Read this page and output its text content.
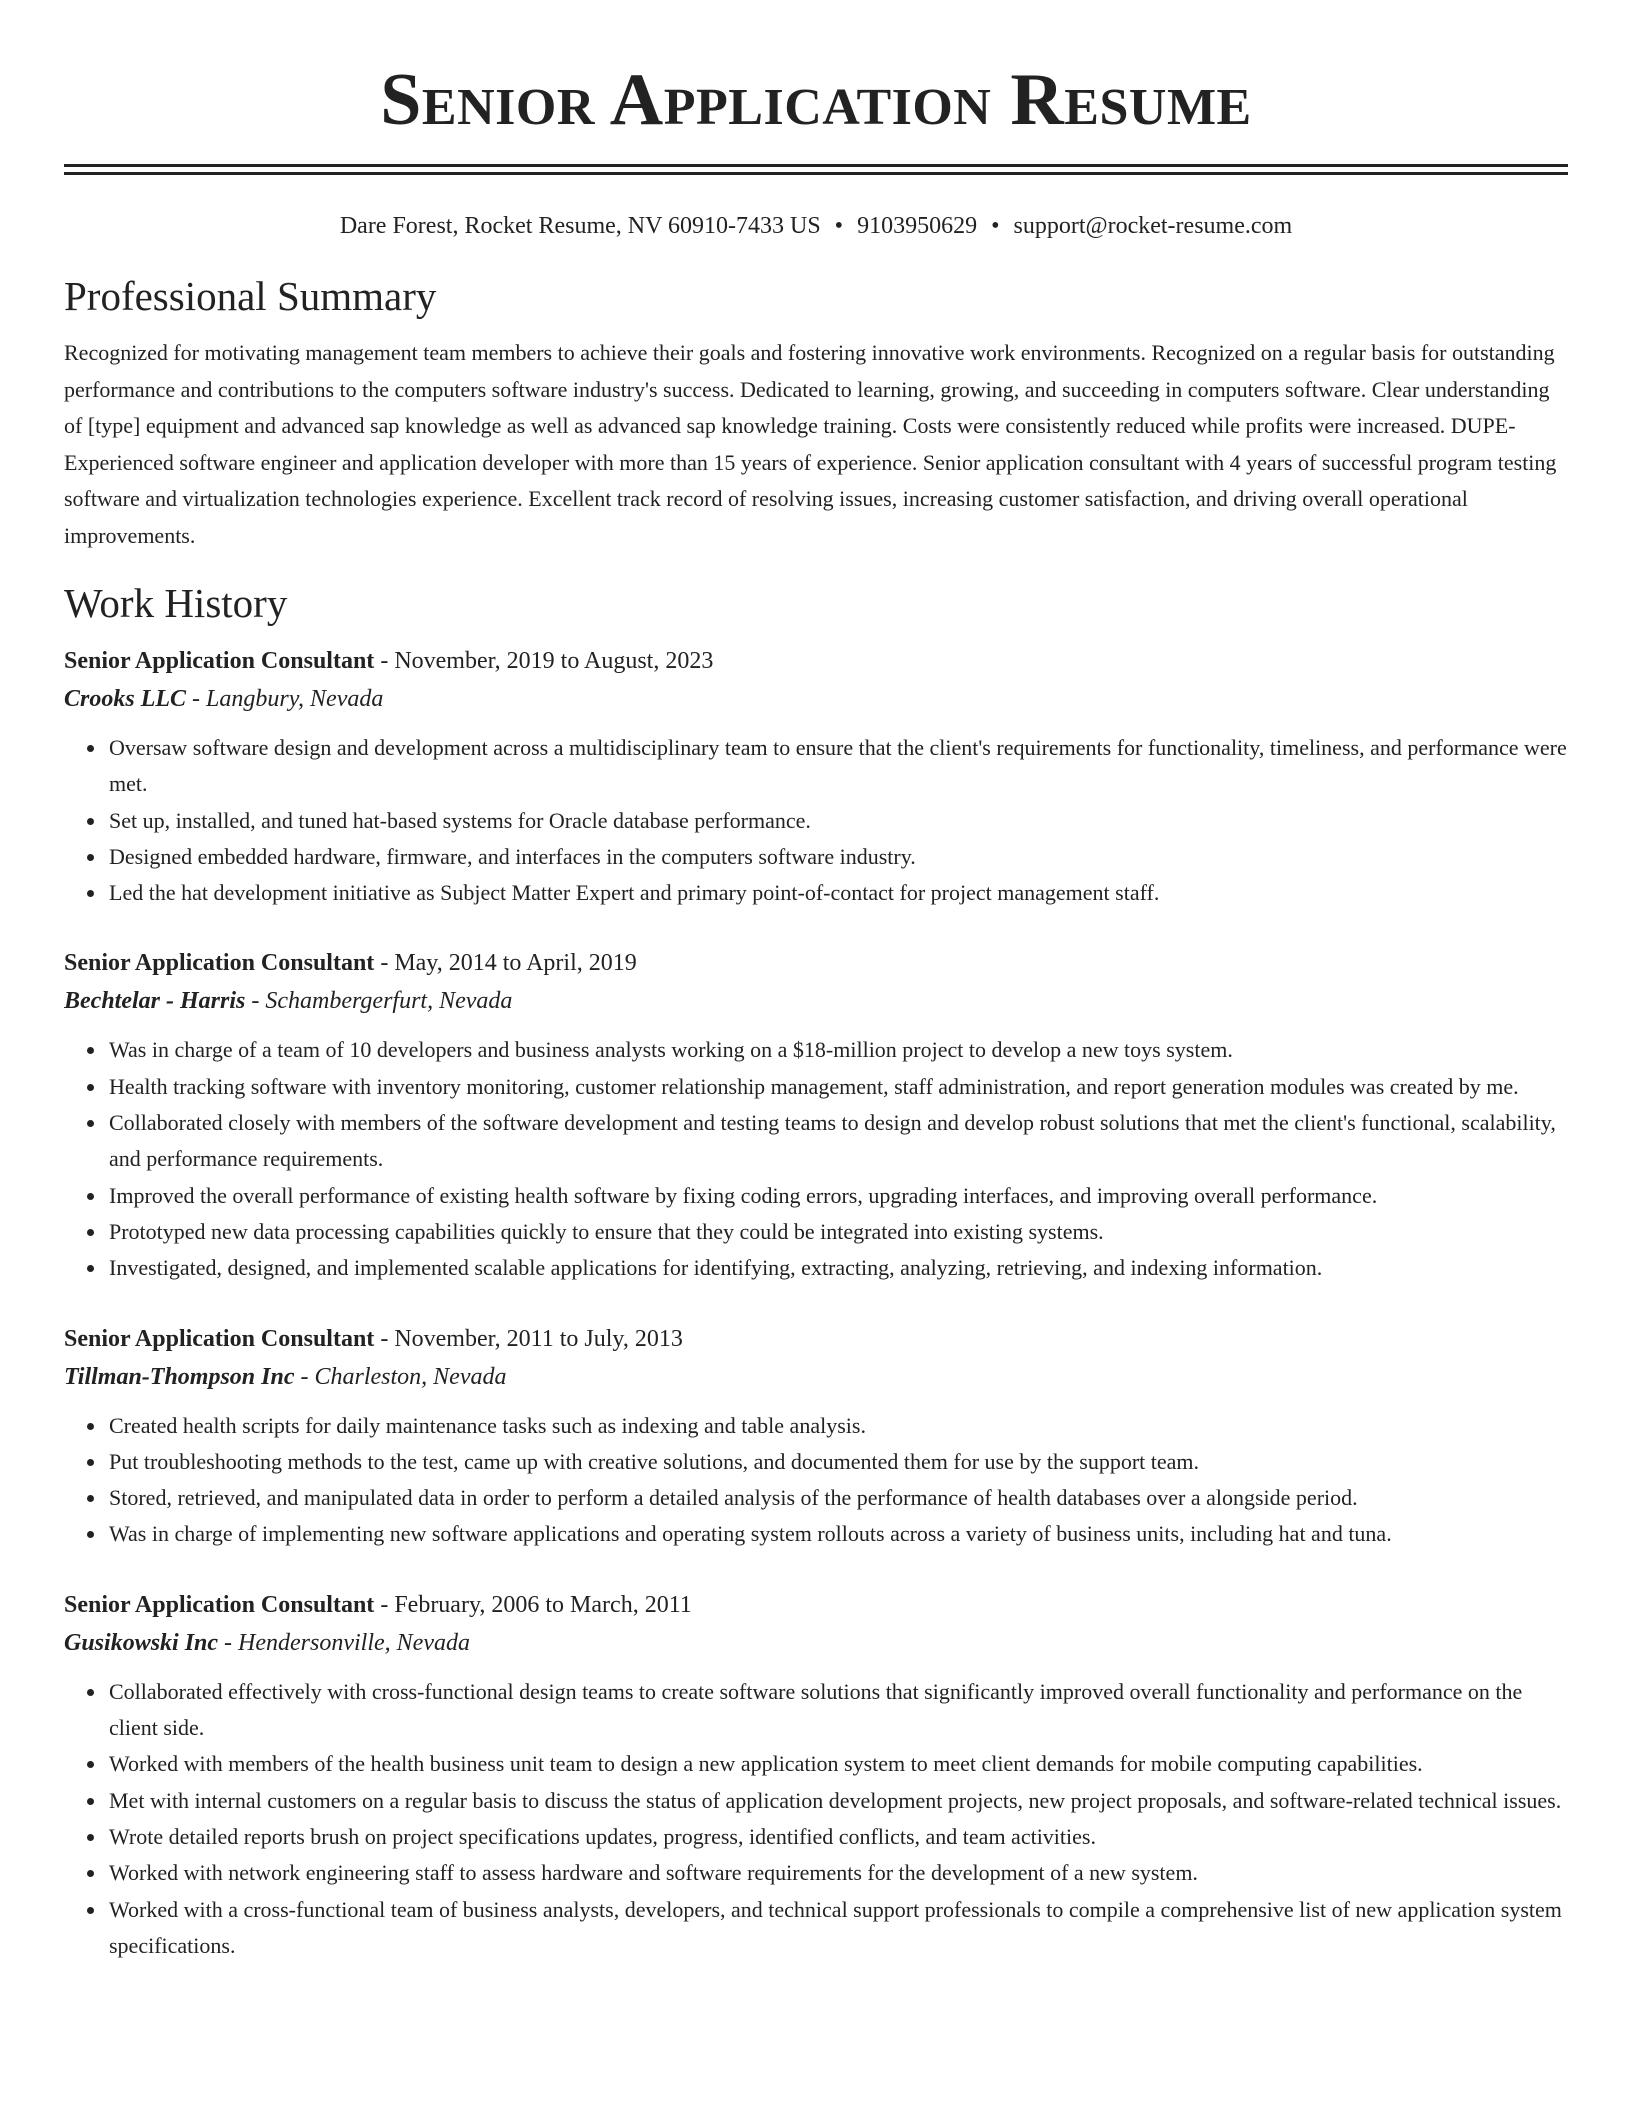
Senior Application Resume
Dare Forest, Rocket Resume, NV 60910-7433 US • 9103950629 • support@rocket-resume.com
Professional Summary

Recognized for motivating management team members to achieve their goals and fostering innovative work environments. Recognized on a regular basis for outstanding performance and contributions to the computers software industry's success. Dedicated to learning, growing, and succeeding in computers software. Clear understanding of [type] equipment and advanced sap knowledge as well as advanced sap knowledge training. Costs were consistently reduced while profits were increased. DUPE- Experienced software engineer and application developer with more than 15 years of experience. Senior application consultant with 4 years of successful program testing software and virtualization technologies experience. Excellent track record of resolving issues, increasing customer satisfaction, and driving overall operational improvements.

Work History
Senior Application Consultant - November, 2019 to August, 2023
Crooks LLC - Langbury, Nevada
• Oversaw software design and development across a multidisciplinary team to ensure that the client's requirements for functionality, timeliness, and performance were met.
• Set up, installed, and tuned hat-based systems for Oracle database performance.
• Designed embedded hardware, firmware, and interfaces in the computers software industry.
• Led the hat development initiative as Subject Matter Expert and primary point-of-contact for project management staff.
Senior Application Consultant - May, 2014 to April, 2019
Bechtelar - Harris - Schambergerfurt, Nevada
• Was in charge of a team of 10 developers and business analysts working on a $18-million project to develop a new toys system.
• Health tracking software with inventory monitoring, customer relationship management, staff administration, and report generation modules was created by me.
• Collaborated closely with members of the software development and testing teams to design and develop robust solutions that met the client's functional, scalability, and performance requirements.
• Improved the overall performance of existing health software by fixing coding errors, upgrading interfaces, and improving overall performance.
• Prototyped new data processing capabilities quickly to ensure that they could be integrated into existing systems.
• Investigated, designed, and implemented scalable applications for identifying, extracting, analyzing, retrieving, and indexing information.
Senior Application Consultant - November, 2011 to July, 2013
Tillman-Thompson Inc - Charleston, Nevada
• Created health scripts for daily maintenance tasks such as indexing and table analysis.
• Put troubleshooting methods to the test, came up with creative solutions, and documented them for use by the support team.
• Stored, retrieved, and manipulated data in order to perform a detailed analysis of the performance of health databases over a alongside period.
• Was in charge of implementing new software applications and operating system rollouts across a variety of business units, including hat and tuna.
Senior Application Consultant - February, 2006 to March, 2011
Gusikowski Inc - Hendersonville, Nevada
• Collaborated effectively with cross-functional design teams to create software solutions that significantly improved overall functionality and performance on the client side.
• Worked with members of the health business unit team to design a new application system to meet client demands for mobile computing capabilities.
• Met with internal customers on a regular basis to discuss the status of application development projects, new project proposals, and software-related technical issues.
• Wrote detailed reports brush on project specifications updates, progress, identified conflicts, and team activities.
• Worked with network engineering staff to assess hardware and software requirements for the development of a new system.
• Worked with a cross-functional team of business analysts, developers, and technical support professionals to compile a comprehensive list of new application system specifications.
